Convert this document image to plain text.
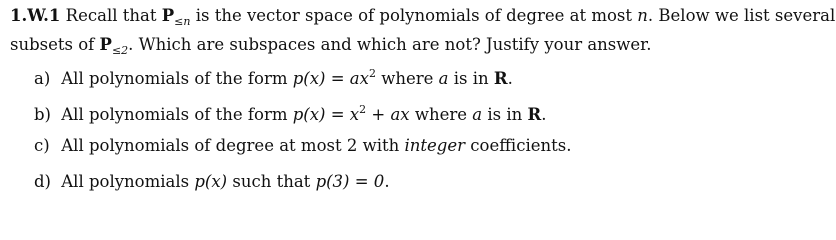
1.W.1 Recall that $P_{\le n}$ is the vector space of polynomials of degree at most n. Below we list several
subsets of $P_{\le 2}$. Which are subspaces and which are not? Justify your answer.
a) All polynomials of the form $p(x) = ax^2$ where a is in R.
b) All polynomials of the form $p(x) = x^2$ + ax where a is in R.
c) All polynomials of degree at most 2 with integer coefficients.
d) All polynomials p(x) such that p(3) = 0.
